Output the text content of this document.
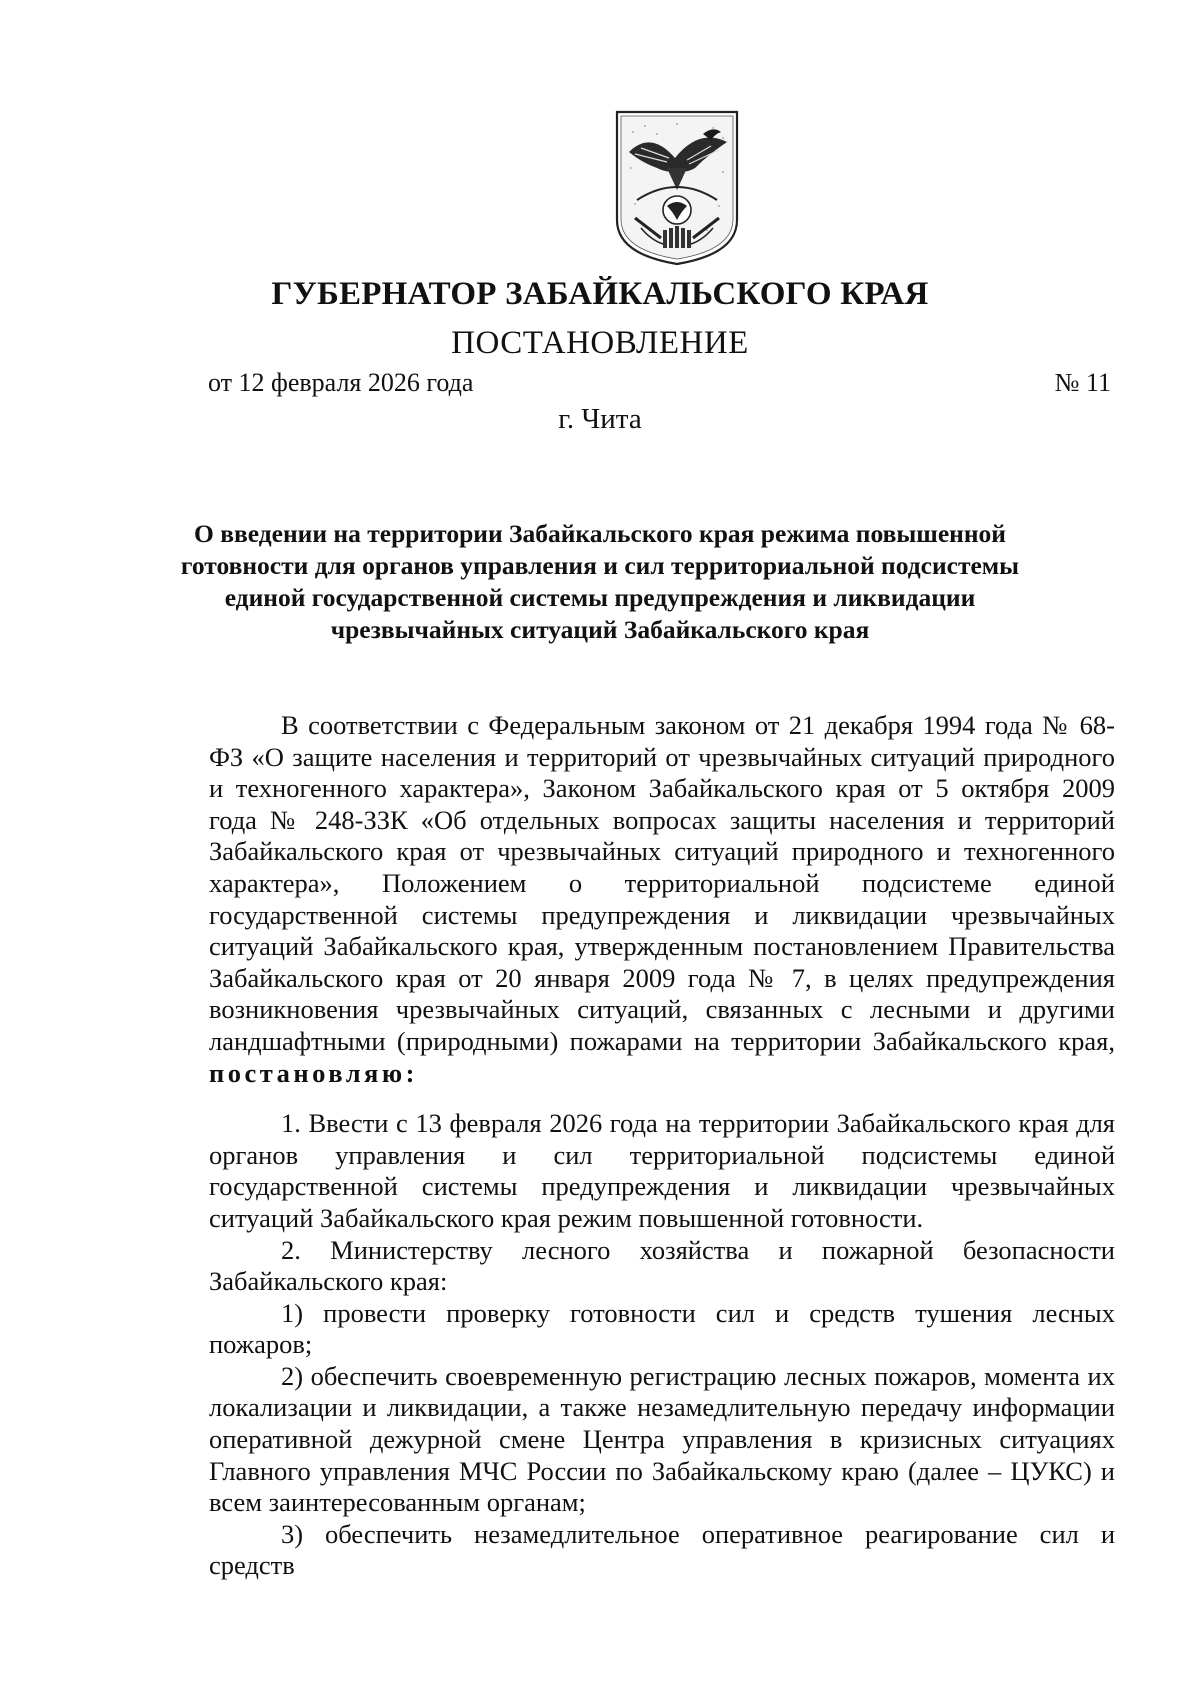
ГУБЕРНАТОР ЗАБАЙКАЛЬСКОГО КРАЯ
ПОСТАНОВЛЕНИЕ
от 12 февраля 2026 года	№ 11
г. Чита
О введении на территории Забайкальского края режима повышенной готовности для органов управления и сил территориальной подсистемы единой государственной системы предупреждения и ликвидации чрезвычайных ситуаций Забайкальского края

В соответствии с Федеральным законом от 21 декабря 1994 года № 68-ФЗ «О защите населения и территорий от чрезвычайных ситуаций природного и техногенного характера», Законом Забайкальского края от 5 октября 2009 года № 248-ЗЗК «Об отдельных вопросах защиты населения и территорий Забайкальского края от чрезвычайных ситуаций природного и техногенного характера», Положением о территориальной подсистеме единой государственной системы предупреждения и ликвидации чрезвычайных ситуаций Забайкальского края, утвержденным постановлением Правительства Забайкальского края от 20 января 2009 года № 7, в целях предупреждения возникновения чрезвычайных ситуаций, связанных с лесными и другими ландшафтными (природными) пожарами на территории Забайкальского края, постановляю:

1. Ввести с 13 февраля 2026 года на территории Забайкальского края для органов управления и сил территориальной подсистемы единой государственной системы предупреждения и ликвидации чрезвычайных ситуаций Забайкальского края режим повышенной готовности.

2. Министерству лесного хозяйства и пожарной безопасности Забайкальского края:

1) провести проверку готовности сил и средств тушения лесных пожаров;

2) обеспечить своевременную регистрацию лесных пожаров, момента их локализации и ликвидации, а также незамедлительную передачу информации оперативной дежурной смене Центра управления в кризисных ситуациях Главного управления МЧС России по Забайкальскому краю (далее – ЦУКС) и всем заинтересованным органам;

3) обеспечить незамедлительное оперативное реагирование сил и средств
